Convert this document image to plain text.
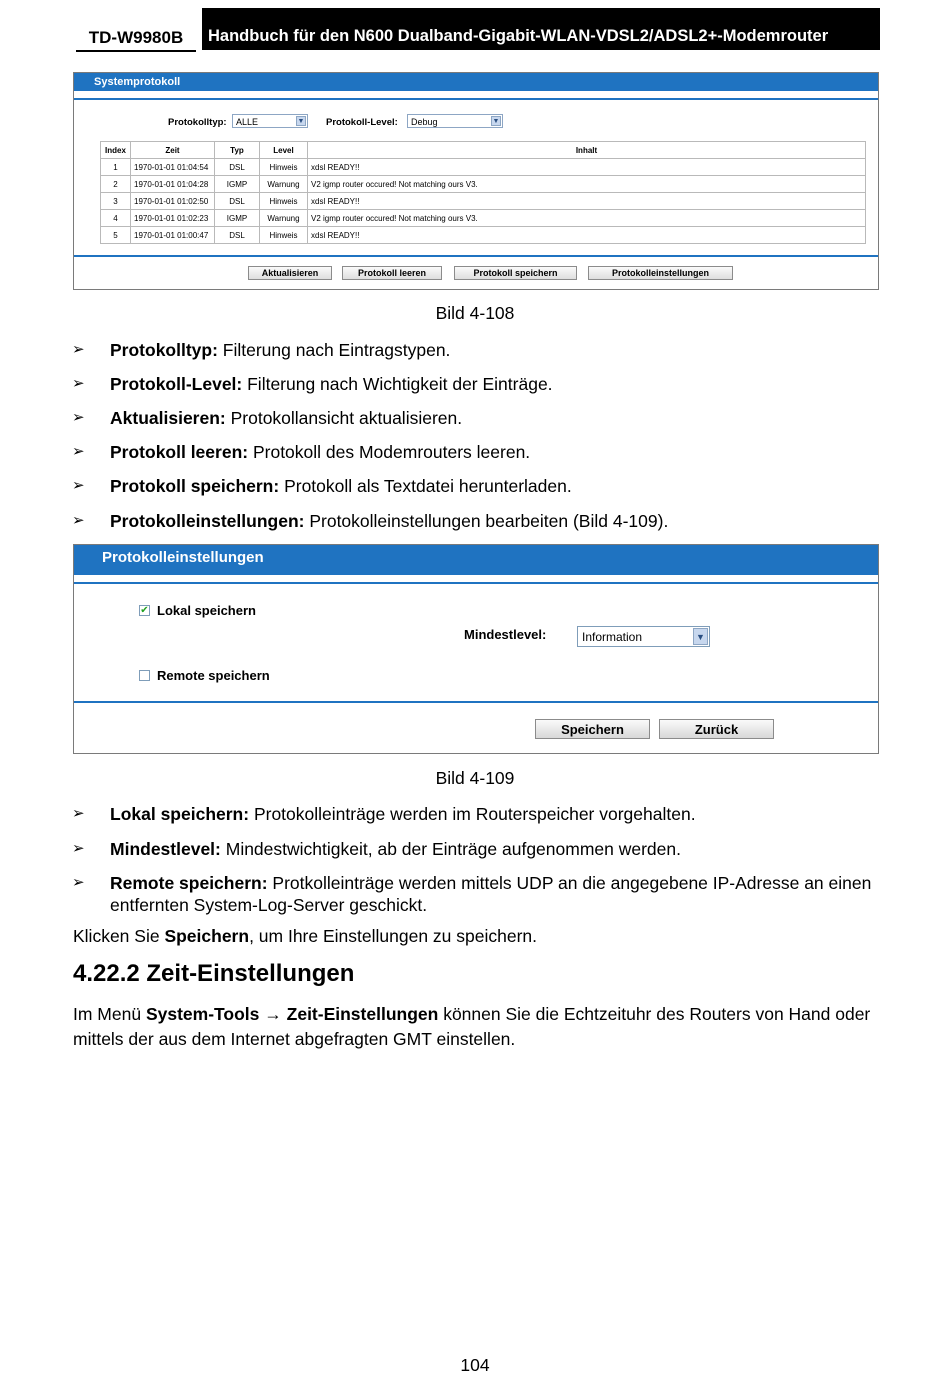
TD-W9980B	Handbuch für den N600 Dualband-Gigabit-WLAN-VDSL2/ADSL2+-Modemrouter
Systemprotokoll
Protokolltyp:	ALLE	▼ Protokoll-Level:	Debug	▼
Index	Zeit	Typ	Level	Inhalt
1	1970-01-01 01:04:54	DSL	Hinweis	xdsl READY!!
2	1970-01-01 01:04:28	IGMP	Warnung	V2 igmp router occured! Not matching ours V3.
3	1970-01-01 01:02:50	DSL	Hinweis	xdsl READY!!
4	1970-01-01 01:02:23	IGMP	Warnung	V2 igmp router occured! Not matching ours V3.
5	1970-01-01 01:00:47	DSL	Hinweis	xdsl READY!!
Aktualisieren	Protokoll leeren	Protokoll speichern	Protokolleinstellungen
Bild 4-108
➢ Protokolltyp: Filterung nach Eintragstypen.
➢ Protokoll-Level: Filterung nach Wichtigkeit der Einträge.
➢ Aktualisieren: Protokollansicht aktualisieren.
➢ Protokoll leeren: Protokoll des Modemrouters leeren.
➢ Protokoll speichern: Protokoll als Textdatei herunterladen.
➢ Protokolleinstellungen: Protokolleinstellungen bearbeiten (Bild 4-109).
Protokolleinstellungen
✔ Lokal speichern
Mindestlevel:	Information	▼
Remote speichern
Speichern	Zurück
Bild 4-109
➢ Lokal speichern: Protokolleinträge werden im Routerspeicher vorgehalten.
➢ Mindestlevel: Mindestwichtigkeit, ab der Einträge aufgenommen werden.
➢ Remote speichern: Protkolleinträge werden mittels UDP an die angegebene IP-Adresse an einen entfernten System-Log-Server geschickt.
Klicken Sie Speichern, um Ihre Einstellungen zu speichern.
4.22.2 Zeit-Einstellungen
Im Menü System-Tools → Zeit-Einstellungen können Sie die Echtzeituhr des Routers von Hand oder mittels der aus dem Internet abgefragten GMT einstellen.
104
